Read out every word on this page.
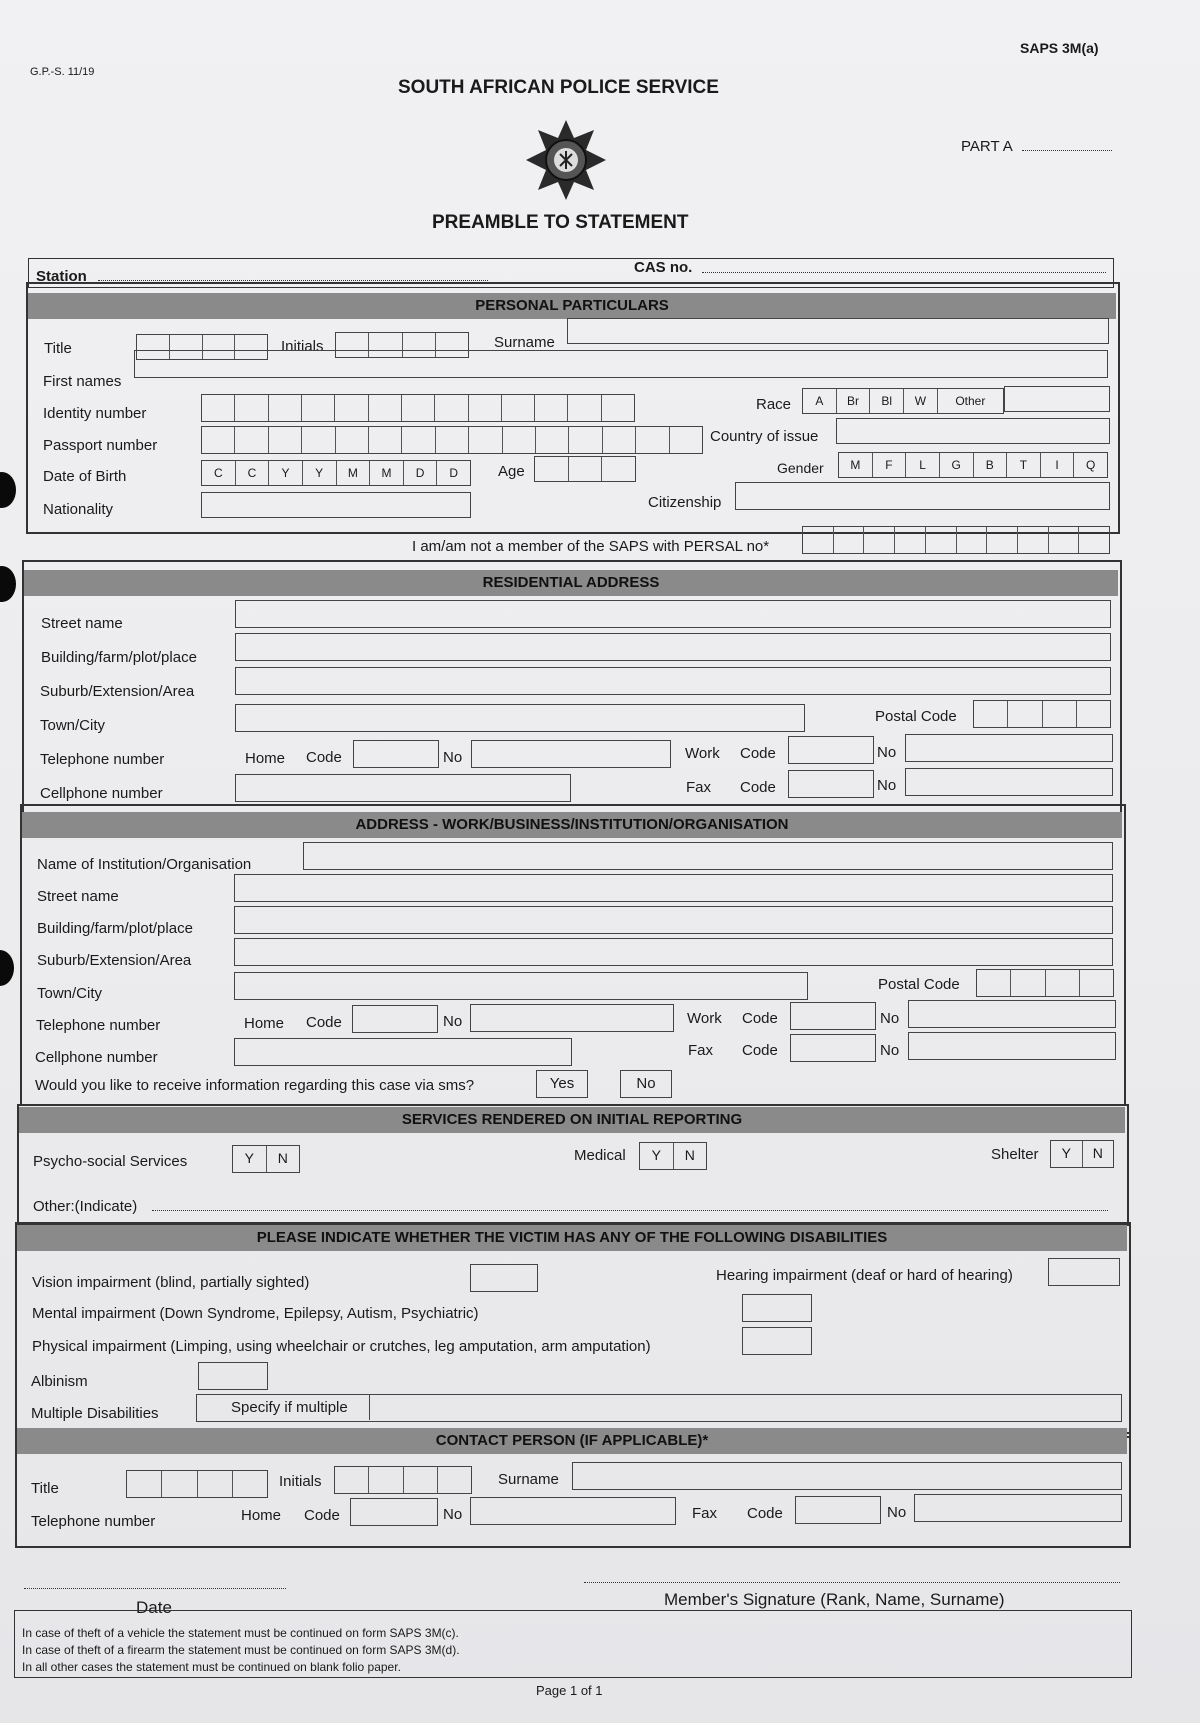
SAPS 3M(a)
G.P.-S. 11/19
SOUTH AFRICAN POLICE SERVICE
PART A
PREAMBLE TO STATEMENT
Station
CAS no.
PERSONAL PARTICULARS
Title	Initials	Surname
First names
Identity number
Race	A	Br	Bl	W	Other
Passport number
Country of issue
Date of Birth	C	C	Y	Y	M	M	D	D	Age	Gender	M	F	L	G	B	T	I	Q
Nationality	Citizenship
I am/am not a member of the SAPS with PERSAL no*
RESIDENTIAL ADDRESS
Street name
Building/farm/plot/place
Suburb/Extension/Area
Town/City
Postal Code
Telephone number	Home Code	No	Work Code	No
Cellphone number	Fax Code	No
ADDRESS - WORK/BUSINESS/INSTITUTION/ORGANISATION
Name of Institution/Organisation
Street name
Building/farm/plot/place
Suburb/Extension/Area
Town/City
Postal Code
Telephone number	Home Code	No	Work Code	No
Cellphone number	Fax Code	No
Would you like to receive information regarding this case via sms?	Yes	No
SERVICES RENDERED ON INITIAL REPORTING
Psycho-social Services	Y	N	Medical	Y	N	Shelter	Y	N
Other:(Indicate)
PLEASE INDICATE WHETHER THE VICTIM HAS ANY OF THE FOLLOWING DISABILITIES
Vision impairment (blind, partially sighted)	Hearing impairment (deaf or hard of hearing)
Mental impairment (Down Syndrome, Epilepsy, Autism, Psychiatric)
Physical impairment (Limping, using wheelchair or crutches, leg amputation, arm amputation)
Albinism
Multiple Disabilities	Specify if multiple
CONTACT PERSON (IF APPLICABLE)*
Title	Initials	Surname
Telephone number	Home Code	No	Fax Code	No
Date	Member's Signature (Rank, Name, Surname)
In case of theft of a vehicle the statement must be continued on form SAPS 3M(c).
In case of theft of a firearm the statement must be continued on form SAPS 3M(d).
In all other cases the statement must be continued on blank folio paper.
Page 1 of 1
